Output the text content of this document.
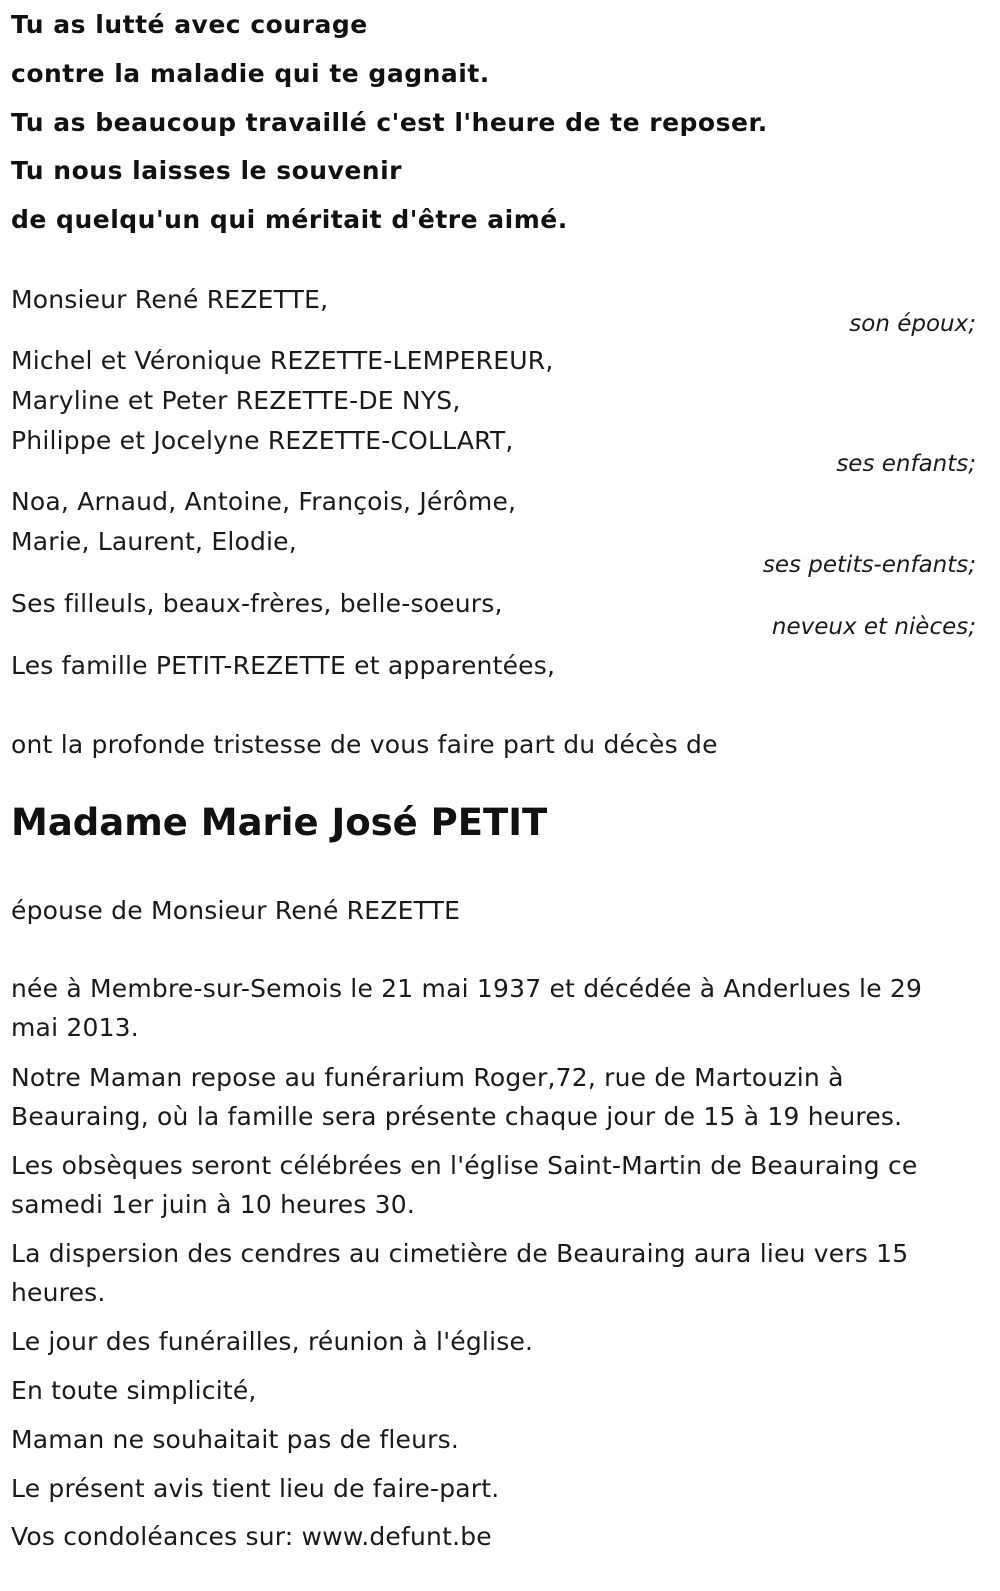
Tu as lutté avec courage
contre la maladie qui te gagnait.
Tu as beaucoup travaillé c'est l'heure de te reposer.
Tu nous laisses le souvenir
de quelqu'un qui méritait d'être aimé.
Monsieur René REZETTE,
son époux;
Michel et Véronique REZETTE-LEMPEREUR,
Maryline et Peter REZETTE-DE NYS,
Philippe et Jocelyne REZETTE-COLLART,
ses enfants;
Noa, Arnaud, Antoine, François, Jérôme,
Marie, Laurent, Elodie,
ses petits-enfants;
Ses filleuls, beaux-frères, belle-soeurs,
neveux et nièces;
Les famille PETIT-REZETTE et apparentées,
ont la profonde tristesse de vous faire part du décès de
Madame Marie José PETIT
épouse de Monsieur René REZETTE
née à Membre-sur-Semois le 21 mai 1937 et décédée à Anderlues le 29 mai 2013.
Notre Maman repose au funérarium Roger,72, rue de Martouzin à Beauraing, où la famille sera présente chaque jour de 15 à 19 heures.
Les obsèques seront célébrées en l'église Saint-Martin de Beauraing ce samedi 1er juin à 10 heures 30.
La dispersion des cendres au cimetière de Beauraing aura lieu vers 15 heures.
Le jour des funérailles, réunion à l'église.
En toute simplicité,
Maman ne souhaitait pas de fleurs.
Le présent avis tient lieu de faire-part.
Vos condoléances sur: www.defunt.be
